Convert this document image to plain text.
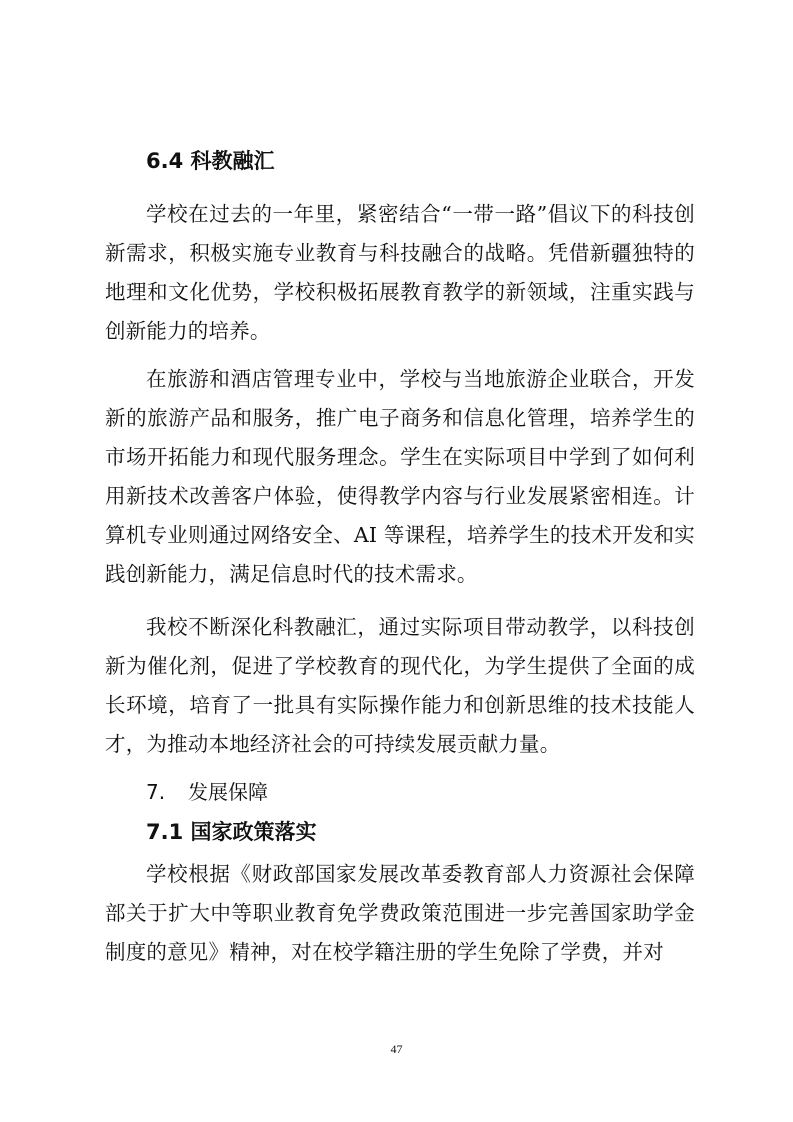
6.4 科教融汇

学校在过去的一年里，紧密结合“一带一路”倡议下的科技创新需求，积极实施专业教育与科技融合的战略。凭借新疆独特的地理和文化优势，学校积极拓展教育教学的新领域，注重实践与创新能力的培养。

在旅游和酒店管理专业中，学校与当地旅游企业联合，开发新的旅游产品和服务，推广电子商务和信息化管理，培养学生的市场开拓能力和现代服务理念。学生在实际项目中学到了如何利用新技术改善客户体验，使得教学内容与行业发展紧密相连。计算机专业则通过网络安全、AI 等课程，培养学生的技术开发和实践创新能力，满足信息时代的技术需求。

我校不断深化科教融汇，通过实际项目带动教学，以科技创新为催化剂，促进了学校教育的现代化，为学生提供了全面的成长环境，培育了一批具有实际操作能力和创新思维的技术技能人才，为推动本地经济社会的可持续发展贡献力量。

7. 发展保障
7.1 国家政策落实

学校根据《财政部国家发展改革委教育部人力资源社会保障部关于扩大中等职业教育免学费政策范围进一步完善国家助学金制度的意见》精神，对在校学籍注册的学生免除了学费，并对

47
